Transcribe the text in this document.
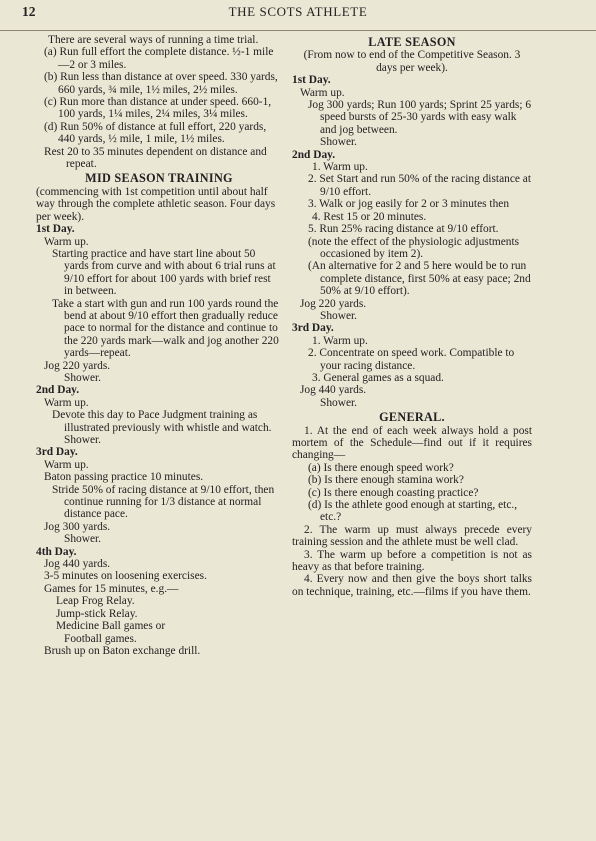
12	THE SCOTS ATHLETE
There are several ways of running a time trial.
(a) Run full effort the complete distance. ½-1 mile—2 or 3 miles.
(b) Run less than distance at over speed. 330 yards, 660 yards, ¾ mile, 1½ miles, 2½ miles.
(c) Run more than distance at under speed. 660-1, 100 yards, 1¼ miles, 2¼ miles, 3¼ miles.
(d) Run 50% of distance at full effort, 220 yards, 440 yards, ½ mile, 1 mile, 1½ miles.
Rest 20 to 35 minutes dependent on distance and repeat.
MID SEASON TRAINING
(commencing with 1st competition until about half way through the complete athletic season. Four days per week).
1st Day.
Warm up.
Starting practice and have start line about 50 yards from curve and with about 6 trial runs at 9/10 effort for about 100 yards with brief rest in between.
Take a start with gun and run 100 yards round the bend at about 9/10 effort then gradually reduce pace to normal for the distance and continue to the 220 yards mark—walk and jog another 220 yards—repeat.
Jog 220 yards.
Shower.
2nd Day.
Warm up.
Devote this day to Pace Judgment training as illustrated previously with whistle and watch.
Shower.
3rd Day.
Warm up.
Baton passing practice 10 minutes.
Stride 50% of racing distance at 9/10 effort, then continue running for 1/3 distance at normal distance pace.
Jog 300 yards.
Shower.
4th Day.
Jog 440 yards.
3-5 minutes on loosening exercises.
Games for 15 minutes, e.g.—
Leap Frog Relay.
Jump-stick Relay.
Medicine Ball games or
Football games.
Brush up on Baton exchange drill.
LATE SEASON
(From now to end of the Competitive Season. 3 days per week).
1st Day.
Warm up.
Jog 300 yards; Run 100 yards; Sprint 25 yards; 6 speed bursts of 25-30 yards with easy walk and jog between.
Shower.
2nd Day.
1. Warm up.
2. Set Start and run 50% of the racing distance at 9/10 effort.
3. Walk or jog easily for 2 or 3 minutes then
4. Rest 15 or 20 minutes.
5. Run 25% racing distance at 9/10 effort.
(note the effect of the physiologic adjustments occasioned by item 2).
(An alternative for 2 and 5 here would be to run complete distance, first 50% at easy pace; 2nd 50% at 9/10 effort).
Jog 220 yards.
Shower.
3rd Day.
1. Warm up.
2. Concentrate on speed work. Compatible to your racing distance.
3. General games as a squad.
Jog 440 yards.
Shower.
GENERAL.
1. At the end of each week always hold a post mortem of the Schedule—find out if it requires changing—
(a) Is there enough speed work?
(b) Is there enough stamina work?
(c) Is there enough coasting practice?
(d) Is the athlete good enough at starting, etc., etc.?
2. The warm up must always precede every training session and the athlete must be well clad.
3. The warm up before a competition is not as heavy as that before training.
4. Every now and then give the boys short talks on technique, training, etc.—films if you have them.
